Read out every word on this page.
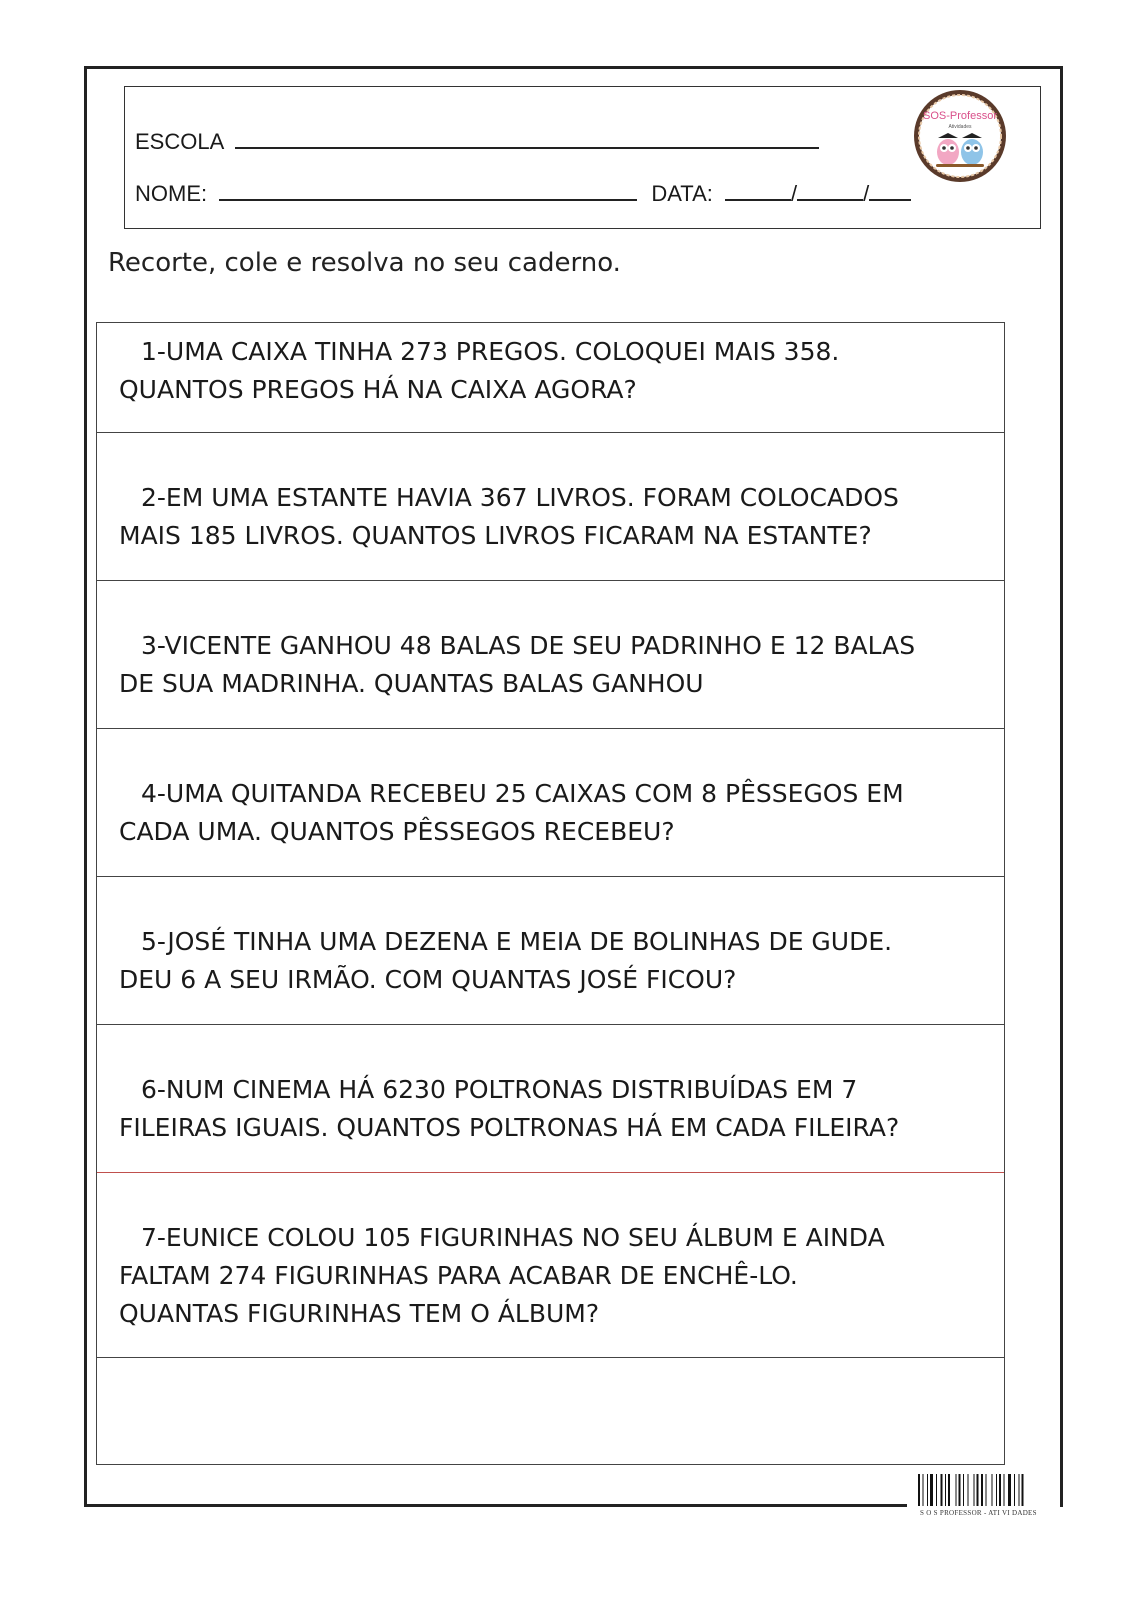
ESCOLA
NOME:	DATA:	/	/
SOS-Professor
Atividades
Recorte, cole e resolva no seu caderno.
1-UMA CAIXA TINHA 273 PREGOS. COLOQUEI MAIS 358.
QUANTOS PREGOS HÁ NA CAIXA AGORA?
2-EM UMA ESTANTE HAVIA 367 LIVROS. FORAM COLOCADOS
MAIS 185 LIVROS. QUANTOS LIVROS FICARAM NA ESTANTE?
3-VICENTE GANHOU 48 BALAS DE SEU PADRINHO E 12 BALAS
DE SUA MADRINHA. QUANTAS BALAS GANHOU
4-UMA QUITANDA RECEBEU 25 CAIXAS COM 8 PÊSSEGOS EM
CADA UMA. QUANTOS PÊSSEGOS RECEBEU?
5-JOSÉ TINHA UMA DEZENA E MEIA DE BOLINHAS DE GUDE.
DEU 6 A SEU IRMÃO. COM QUANTAS JOSÉ FICOU?
6-NUM CINEMA HÁ 6230 POLTRONAS DISTRIBUÍDAS EM 7
FILEIRAS IGUAIS. QUANTOS POLTRONAS HÁ EM CADA FILEIRA?
7-EUNICE COLOU 105 FIGURINHAS NO SEU ÁLBUM E AINDA
FALTAM 274 FIGURINHAS PARA ACABAR DE ENCHÊ-LO.
QUANTAS FIGURINHAS TEM O ÁLBUM?
S O S PROFESSOR - ATI VI DADES
